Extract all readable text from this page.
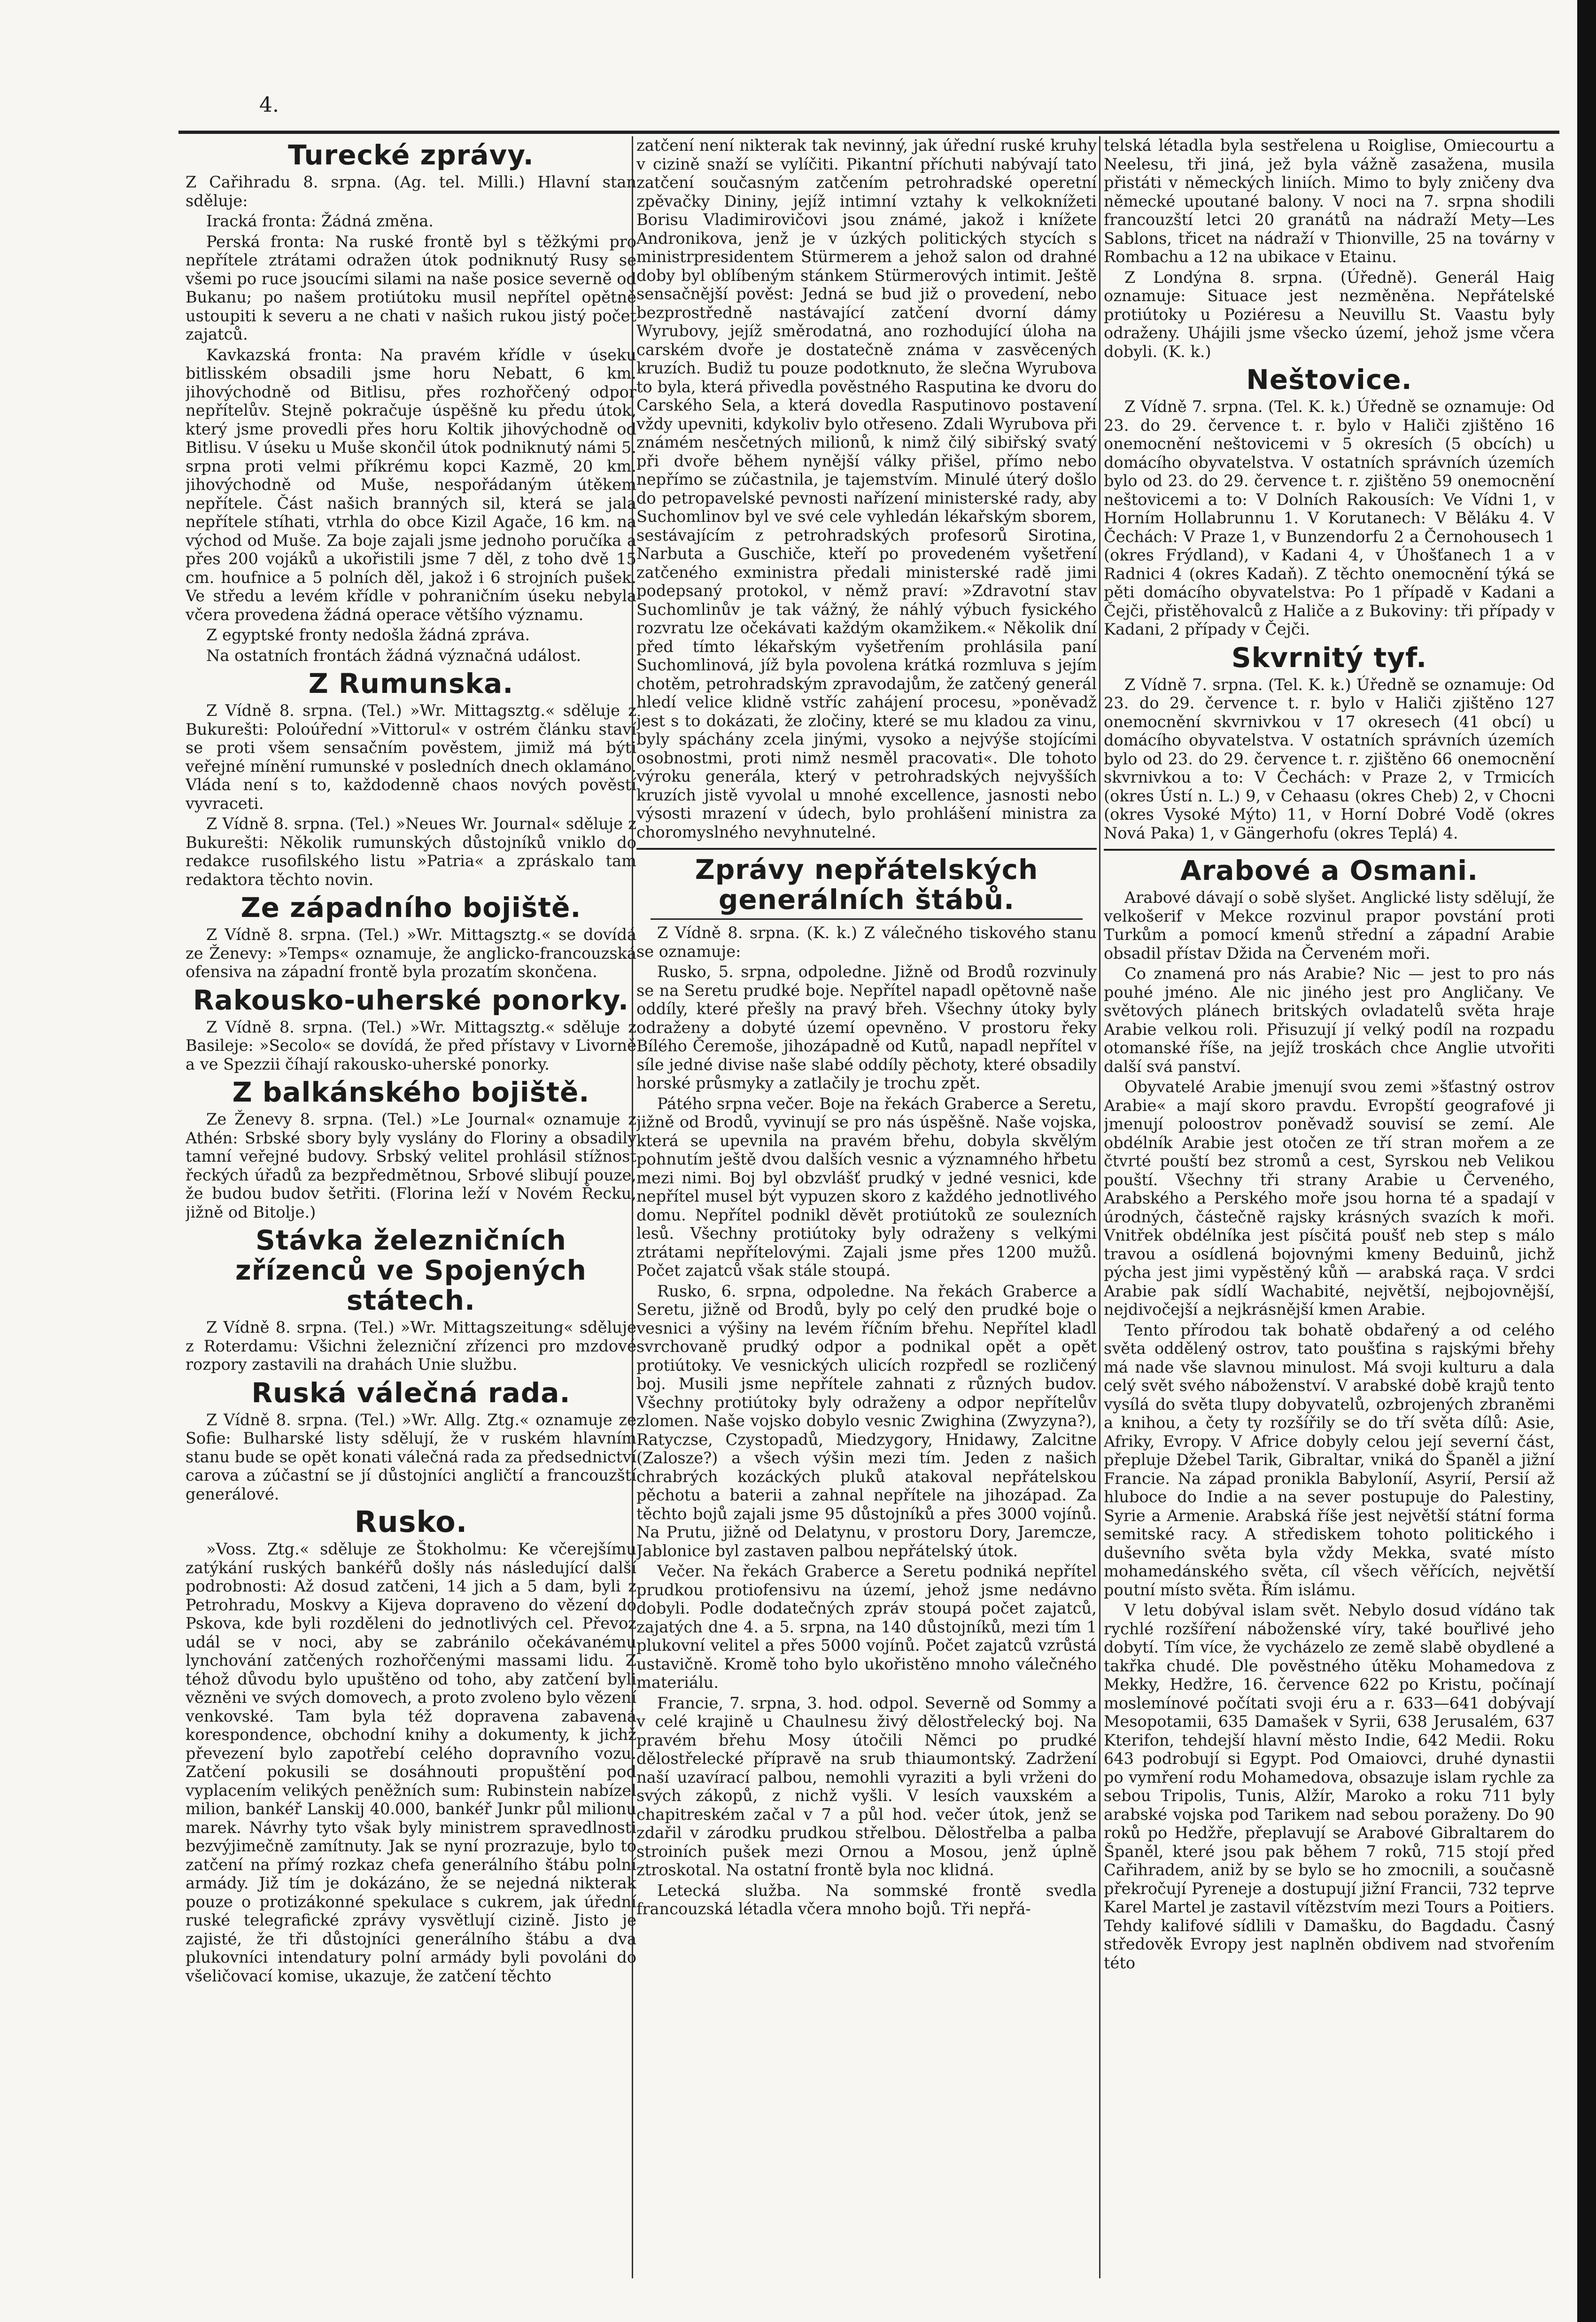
4.
Turecké zprávy.

Z Cařihradu 8. srpna. (Ag. tel. Milli.) Hlavní stan sděluje:

Iracká fronta: Žádná změna.

Perská fronta: Na ruské frontě byl s těžkými pro nepřítele ztrátami odražen útok podniknutý Rusy se všemi po ruce jsoucími silami na naše posice severně od Bukanu; po našem protiútoku musil nepřítel opětně ustoupiti k severu a ne chati v našich rukou jistý počet zajatců.

Kavkazská fronta: Na pravém křídle v úseku bitlisském obsadili jsme horu Nebatt, 6 km. jihovýchodně od Bitlisu, přes rozhořčený odpor nepřítelův. Stejně pokračuje úspěšně ku předu útok, který jsme provedli přes horu Koltik jihovýchodně od Bitlisu. V úseku u Muše skončil útok podniknutý námi 5. srpna proti velmi příkrému kopci Kazmě, 20 km. jihovýchodně od Muše, nespořádaným útěkem nepřítele. Část našich branných sil, která se jala nepřítele stíhati, vtrhla do obce Kizil Agače, 16 km. na východ od Muše. Za boje zajali jsme jednoho poručíka a přes 200 vojáků a ukořistili jsme 7 děl, z toho dvě 15 cm. houfnice a 5 polních děl, jakož i 6 strojních pušek. Ve středu a levém křídle v pohraničním úseku nebyla včera provedena žádná operace většího významu.

Z egyptské fronty nedošla žádná zpráva.

Na ostatních frontách žádná význačná událost.

Z Rumunska.

Z Vídně 8. srpna. (Tel.) »Wr. Mittagsztg.« sděluje z Bukurešti: Poloúřední »Vittorul« v ostrém článku staví se proti všem sensačním pověstem, jimiž má býti veřejné mínění rumunské v posledních dnech oklamáno. Vláda není s to, každodenně chaos nových pověstí vyvraceti.

Z Vídně 8. srpna. (Tel.) »Neues Wr. Journal« sděluje z Bukurešti: Několik rumunských důstojníků vniklo do redakce rusofilského listu »Patria« a zpráskalo tam redaktora těchto novin.

Ze západního bojiště.

Z Vídně 8. srpna. (Tel.) »Wr. Mittagsztg.« se dovídá ze Ženevy: »Temps« oznamuje, že anglicko-francouzská ofensiva na západní frontě byla prozatím skončena.

Rakousko-uherské ponorky.

Z Vídně 8. srpna. (Tel.) »Wr. Mittagsztg.« sděluje z Basileje: »Secolo« se dovídá, že před přístavy v Livorně a ve Spezzii číhají rakousko-uherské ponorky.

Z balkánského bojiště.

Ze Ženevy 8. srpna. (Tel.) »Le Journal« oznamuje z Athén: Srbské sbory byly vyslány do Floriny a obsadily tamní veřejné budovy. Srbský velitel prohlásil stížnost řeckých úřadů za bezpředmětnou, Srbové slibují pouze, že budou budov šetřiti. (Florina leží v Novém Řecku, jižně od Bitolje.)

Stávka železničních zřízenců ve Spojených státech.

Z Vídně 8. srpna. (Tel.) »Wr. Mittagszeitung« sděluje z Roterdamu: Všichni železniční zřízenci pro mzdové rozpory zastavili na drahách Unie službu.

Ruská válečná rada.

Z Vídně 8. srpna. (Tel.) »Wr. Allg. Ztg.« oznamuje ze Sofie: Bulharské listy sdělují, že v ruském hlavním stanu bude se opět konati válečná rada za předsednictví carova a zúčastní se jí důstojníci angličtí a francouzští generálové.

Rusko.

»Voss. Ztg.« sděluje ze Štokholmu: Ke včerejšímu zatýkání ruských bankéřů došly nás následující další podrobnosti: Až dosud zatčeni, 14 jich a 5 dam, byli z Petrohradu, Moskvy a Kijeva dopraveno do vězení do Pskova, kde byli rozděleni do jednotlivých cel. Převoz udál se v noci, aby se zabránilo očekávanému lynchování zatčených rozhořčenými massami lidu. Z téhož důvodu bylo upuštěno od toho, aby zatčení byli vězněni ve svých domovech, a proto zvoleno bylo vězení venkovské. Tam byla též dopravena zabavená korespondence, obchodní knihy a dokumenty, k jichž převezení bylo zapotřebí celého dopravního vozu. Zatčení pokusili se dosáhnouti propuštění pod vyplacením velikých peněžních sum: Rubinstein nabízel milion, bankéř Lanskij 40.000, bankéř Junkr půl milionu marek. Návrhy tyto však byly ministrem spravedlnosti bezvýjimečně zamítnuty. Jak se nyní prozrazuje, bylo to zatčení na přímý rozkaz chefa generálního štábu polní armády. Již tím je dokázáno, že se nejedná nikterak pouze o protizákonné spekulace s cukrem, jak úřední ruské telegrafické zprávy vysvětlují cizině. Jisto je zajisté, že tři důstojníci generálního štábu a dva plukovníci intendatury polní armády byli povoláni do všeličovací komise, ukazuje, že zatčení těchto

zatčení není nikterak tak nevinný, jak úřední ruské kruhy v cizině snaží se vylíčiti. Pikantní příchuti nabývají tato zatčení současným zatčením petrohradské operetní zpěvačky Dininy, jejíž intimní vztahy k velkoknížeti Borisu Vladimirovičovi jsou známé, jakož i knížete Andronikova, jenž je v úzkých politických stycích s ministrpresidentem Stürmerem a jehož salon od drahné doby byl oblíbeným stánkem Stürmerových intimit. Ještě sensačnější pověst: Jedná se bud již o provedení, nebo bezprostředně nastávající zatčení dvorní dámy Wyrubovy, jejíž směrodatná, ano rozhodující úloha na carském dvoře je dostatečně známa v zasvěcených kruzích. Budiž tu pouze podotknuto, že slečna Wyrubova to byla, která přivedla pověstného Rasputina ke dvoru do Carského Sela, a která dovedla Rasputinovo postavení vždy upevniti, kdykoliv bylo otřeseno. Zdali Wyrubova při známém nesčetných milionů, k nimž čilý sibiřský svatý při dvoře během nynější války přišel, přímo nebo nepřímo se zúčastnila, je tajemstvím. Minulé úterý došlo do petropavelské pevnosti nařízení ministerské rady, aby Suchomlinov byl ve své cele vyhledán lékařským sborem, sestávajícím z petrohradských profesorů Sirotina, Narbuta a Guschiče, kteří po provedeném vyšetření zatčeného exministra předali ministerské radě jimi podepsaný protokol, v němž praví: »Zdravotní stav Suchomlinův je tak vážný, že náhlý výbuch fysického rozvratu lze očekávati každým okamžikem.« Několik dní před tímto lékařským vyšetřením prohlásila paní Suchomlinová, jíž byla povolena krátká rozmluva s jejím chotěm, petrohradským zpravodajům, že zatčený generál hledí velice klidně vstříc zahájení procesu, »poněvadž jest s to dokázati, že zločiny, které se mu kladou za vinu, byly spáchány zcela jinými, vysoko a nejvýše stojícími osobnostmi, proti nimž nesměl pracovati«. Dle tohoto výroku generála, který v petrohradských nejvyšších kruzích jistě vyvolal u mnohé excellence, jasnosti nebo výsosti mrazení v údech, bylo prohlášení ministra za choromyslného nevyhnutelné.

Zprávy nepřátelských generálních štábů.

Z Vídně 8. srpna. (K. k.) Z válečného tiskového stanu se oznamuje:

Rusko, 5. srpna, odpoledne. Jižně od Brodů rozvinuly se na Seretu prudké boje. Nepřítel napadl opětovně naše oddíly, které přešly na pravý břeh. Všechny útoky byly odraženy a dobyté území opevněno. V prostoru řeky Bílého Čeremoše, jihozápadně od Kutů, napadl nepřítel v síle jedné divise naše slabé oddíly pěchoty, které obsadily horské průsmyky a zatlačily je trochu zpět.

Pátého srpna večer. Boje na řekách Graberce a Seretu, jižně od Brodů, vyvinují se pro nás úspěšně. Naše vojska, která se upevnila na pravém břehu, dobyla skvělým pohnutím ještě dvou dalších vesnic a významného hřbetu mezi nimi. Boj byl obzvlášť prudký v jedné vesnici, kde nepřítel musel být vypuzen skoro z každého jednotlivého domu. Nepřítel podnikl děvět protiútoků ze soulezních lesů. Všechny protiútoky byly odraženy s velkými ztrátami nepřítelovými. Zajali jsme přes 1200 mužů. Počet zajatců však stále stoupá.

Rusko, 6. srpna, odpoledne. Na řekách Graberce a Seretu, jižně od Brodů, byly po celý den prudké boje o vesnici a výšiny na levém říčním břehu. Nepřítel kladl svrchovaně prudký odpor a podnikal opět a opět protiútoky. Ve vesnických ulicích rozpředl se rozličený boj. Musili jsme nepřítele zahnati z různých budov. Všechny protiútoky byly odraženy a odpor nepřítelův zlomen. Naše vojsko dobylo vesnic Zwighina (Zwyzyna?), Ratyczse, Czystopadů, Miedzygory, Hnidawy, Zalcitne (Zalosze?) a všech výšin mezi tím. Jeden z našich chrabrých kozáckých pluků atakoval nepřátelskou pěchotu a baterii a zahnal nepřítele na jihozápad. Za těchto bojů zajali jsme 95 důstojníků a přes 3000 vojínů. Na Prutu, jižně od Delatynu, v prostoru Dory, Jaremcze, Jablonice byl zastaven palbou nepřátelský útok.

Večer. Na řekách Graberce a Seretu podniká nepřítel prudkou protiofensivu na území, jehož jsme nedávno dobyli. Podle dodatečných zpráv stoupá počet zajatců, zajatých dne 4. a 5. srpna, na 140 důstojníků, mezi tím 1 plukovní velitel a přes 5000 vojínů. Počet zajatců vzrůstá ustavičně. Kromě toho bylo ukořistěno mnoho válečného materiálu.

Francie, 7. srpna, 3. hod. odpol. Severně od Sommy a v celé krajině u Chaulnesu živý dělostřelecký boj. Na pravém břehu Mosy útočili Němci po prudké dělostřelecké přípravě na srub thiaumontský. Zadržení naší uzavírací palbou, nemohli vyraziti a byli vrženi do svých zákopů, z nichž vyšli. V lesích vauxském a chapitreském začal v 7 a půl hod. večer útok, jenž se zdařil v zárodku prudkou střelbou. Dělostřelba a palba stroiních pušek mezi Ornou a Mosou, jenž úplně ztroskotal. Na ostatní frontě byla noc klidná.

Letecká služba. Na sommské frontě svedla francouzská létadla včera mnoho bojů. Tři nepřá-

telská létadla byla sestřelena u Roiglise, Omiecourtu a Neelesu, tři jiná, jež byla vážně zasažena, musila přistáti v německých liniích. Mimo to byly zničeny dva německé upoutané balony. V noci na 7. srpna shodili francouzští letci 20 granátů na nádraží Mety—Les Sablons, třicet na nádraží v Thionville, 25 na továrny v Rombachu a 12 na ubikace v Etainu.

Z Londýna 8. srpna. (Úředně). Generál Haig oznamuje: Situace jest nezměněna. Nepřátelské protiútoky u Poziéresu a Neuvillu St. Vaastu byly odraženy. Uhájili jsme všecko území, jehož jsme včera dobyli. (K. k.)

Neštovice.

Z Vídně 7. srpna. (Tel. K. k.) Úředně se oznamuje: Od 23. do 29. července t. r. bylo v Haliči zjištěno 16 onemocnění neštovicemi v 5 okresích (5 obcích) u domácího obyvatelstva. V ostatních správních územích bylo od 23. do 29. července t. r. zjištěno 59 onemocnění neštovicemi a to: V Dolních Rakousích: Ve Vídni 1, v Horním Hollabrunnu 1. V Korutanech: V Běláku 4. V Čechách: V Praze 1, v Bunzendorfu 2 a Černohousech 1 (okres Frýdland), v Kadani 4, v Úhošťanech 1 a v Radnici 4 (okres Kadaň). Z těchto onemocnění týká se pěti domácího obyvatelstva: Po 1 případě v Kadani a Čejči, přistěhovalců z Haliče a z Bukoviny: tři případy v Kadani, 2 případy v Čejči.

Skvrnitý tyf.

Z Vídně 7. srpna. (Tel. K. k.) Úředně se oznamuje: Od 23. do 29. července t. r. bylo v Haliči zjištěno 127 onemocnění skvrnivkou v 17 okresech (41 obcí) u domácího obyvatelstva. V ostatních správních územích bylo od 23. do 29. července t. r. zjištěno 66 onemocnění skvrnivkou a to: V Čechách: v Praze 2, v Trmicích (okres Ústí n. L.) 9, v Cehaasu (okres Cheb) 2, v Chocni (okres Vysoké Mýto) 11, v Horní Dobré Vodě (okres Nová Paka) 1, v Gängerhofu (okres Teplá) 4.

Arabové a Osmani.

Arabové dávají o sobě slyšet. Anglické listy sdělují, že velkošerif v Mekce rozvinul prapor povstání proti Turkům a pomocí kmenů střední a západní Arabie obsadil přístav Džida na Červeném moři.

Co znamená pro nás Arabie? Nic — jest to pro nás pouhé jméno. Ale nic jiného jest pro Angličany. Ve světových plánech britských ovladatelů světa hraje Arabie velkou roli. Přisuzují jí velký podíl na rozpadu otomanské říše, na jejíž troskách chce Anglie utvořiti další svá panství.

Obyvatelé Arabie jmenují svou zemi »šťastný ostrov Arabie« a mají skoro pravdu. Evropští geografové ji jmenují poloostrov poněvadž souvisí se zemí. Ale obdélník Arabie jest otočen ze tří stran mořem a ze čtvrté pouští bez stromů a cest, Syrskou neb Velikou pouští. Všechny tři strany Arabie u Červeného, Arabského a Perského moře jsou horna té a spadají v úrodných, částečně rajsky krásných svazích k moři. Vnitřek obdélníka jest písčitá poušť neb step s málo travou a osídlená bojovnými kmeny Beduinů, jichž pýcha jest jimi vypěstěný kůň — arabská raça. V srdci Arabie pak sídlí Wachabité, největší, nejbojovnější, nejdivočejší a nejkrásnější kmen Arabie.

Tento přírodou tak bohatě obdařený a od celého světa oddělený ostrov, tato poušťina s rajskými břehy má nade vše slavnou minulost. Má svoji kulturu a dala celý svět svého náboženství. V arabské době krajů tento vysílá do světa tlupy dobyvatelů, ozbrojených zbraněmi a knihou, a čety ty rozšířily se do tří světa dílů: Asie, Afriky, Evropy. V Africe dobyly celou její severní část, přepluje Džebel Tarik, Gibraltar, vniká do Španěl a jižní Francie. Na západ pronikla Babyloníí, Asyrií, Persií až hluboce do Indie a na sever postupuje do Palestiny, Syrie a Armenie. Arabská říše jest největší státní forma semitské racy. A střediskem tohoto politického i duševního světa byla vždy Mekka, svaté místo mohamedánského světa, cíl všech věřících, největší poutní místo světa. Řím islámu.

V letu dobýval islam svět. Nebylo dosud vídáno tak rychlé rozšíření náboženské víry, také bouřlivé jeho dobytí. Tím více, že vycházelo ze země slabě obydlené a takřka chudé. Dle pověstného útěku Mohamedova z Mekky, Hedžre, 16. července 622 po Kristu, počínají moslemínové počítati svoji éru a r. 633—641 dobývají Mesopotamii, 635 Damašek v Syrii, 638 Jerusalém, 637 Kterifon, tehdejší hlavní město Indie, 642 Medii. Roku 643 podrobují si Egypt. Pod Omaiovci, druhé dynastii po vymření rodu Mohamedova, obsazuje islam rychle za sebou Tripolis, Tunis, Alžír, Maroko a roku 711 byly arabské vojska pod Tarikem nad sebou poraženy. Do 90 roků po Hedžře, přeplavují se Arabové Gibraltarem do Španěl, které jsou pak během 7 roků, 715 stojí před Cařihradem, aniž by se bylo se ho zmocnili, a současně překročují Pyreneje a dostupují jižní Francii, 732 teprve Karel Martel je zastavil vítězstvím mezi Tours a Poitiers. Tehdy kalifové sídlili v Damašku, do Bagdadu. Časný středověk Evropy jest naplněn obdivem nad stvořením této
